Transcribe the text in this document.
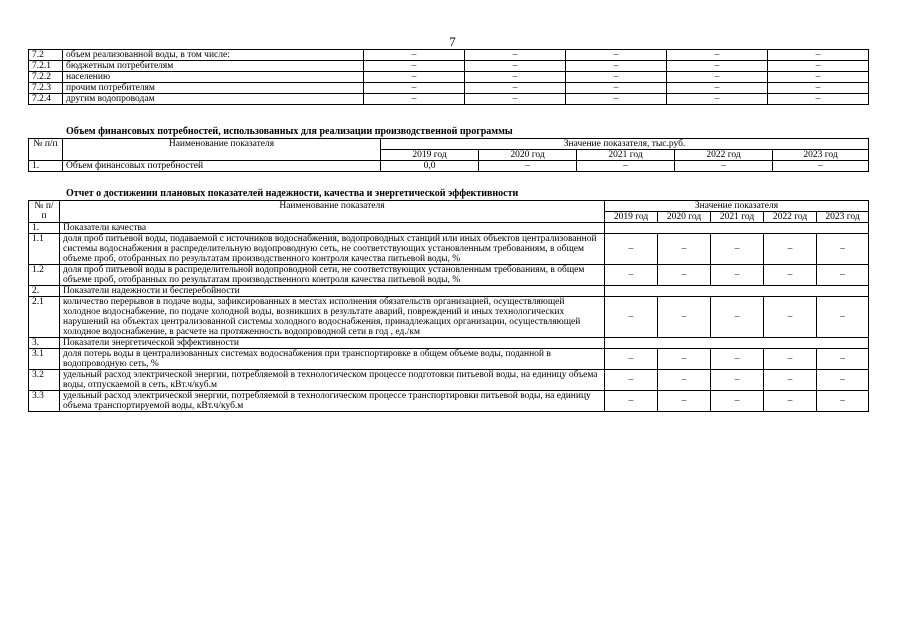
7
7.2	объем реализованной воды, в том числе:	–	–	–	–	–
7.2.1	бюджетным потребителям	–	–	–	–	–
7.2.2	населению	–	–	–	–	–
7.2.3	прочим потребителям	–	–	–	–	–
7.2.4	другим водопроводам	–	–	–	–	–
Объем финансовых потребностей, использованных для реализации производственной программы
№ п/п	Наименование показателя	Значение показателя, тыс.руб.				
		2019 год	2020 год	2021 год	2022 год	2023 год
1.	Объем финансовых потребностей	0,0	–	–	–	–
Отчет о достижении плановых показателей надежности, качества и энергетической эффективности
№ п/п	Наименование показателя	Значение показателя				
		2019 год	2020 год	2021 год	2022 год	2023 год
1.	Показатели качества					
1.1	доля проб питьевой воды, подаваемой с источников водоснабжения, водопроводных станций или иных объектов централизованной системы водоснабжения в распределительную водопроводную сеть, не соответствующих установленным требованиям, в общем объеме проб, отобранных по результатам производственного контроля качества питьевой воды, %	–	–	–	–	–
1.2	доля проб питьевой воды в распределительной водопроводной сети, не соответствующих установленным требованиям, в общем объеме проб, отобранных по результатам производственного контроля качества питьевой воды, %	–	–	–	–	–
2.	Показатели надежности и бесперебойности					
2.1	количество перерывов в подаче воды, зафиксированных в местах исполнения обязательств организацией, осуществляющей холодное водоснабжение, по подаче холодной воды, возникших в результате аварий, повреждений и иных технологических нарушений на объектах централизованной системы холодного водоснабжения, принадлежащих организации, осуществляющей холодное водоснабжение, в расчете на протяженность водопроводной сети в год , ед./км	–	–	–	–	–
3.	Показатели энергетической эффективности					
3.1	доля потерь воды в централизованных системах водоснабжения при транспортировке в общем объеме воды, поданной в водопроводную сеть, %	–	–	–	–	–
3.2	удельный расход электрической энергии, потребляемой в технологическом процессе подготовки питьевой воды, на единицу объема воды, отпускаемой в сеть, кВт.ч/куб.м	–	–	–	–	–
3.3	удельный расход электрической энергии, потребляемой в технологическом процессе транспортировки питьевой воды, на единицу объема транспортируемой воды, кВт.ч/куб.м	–	–	–	–	–
